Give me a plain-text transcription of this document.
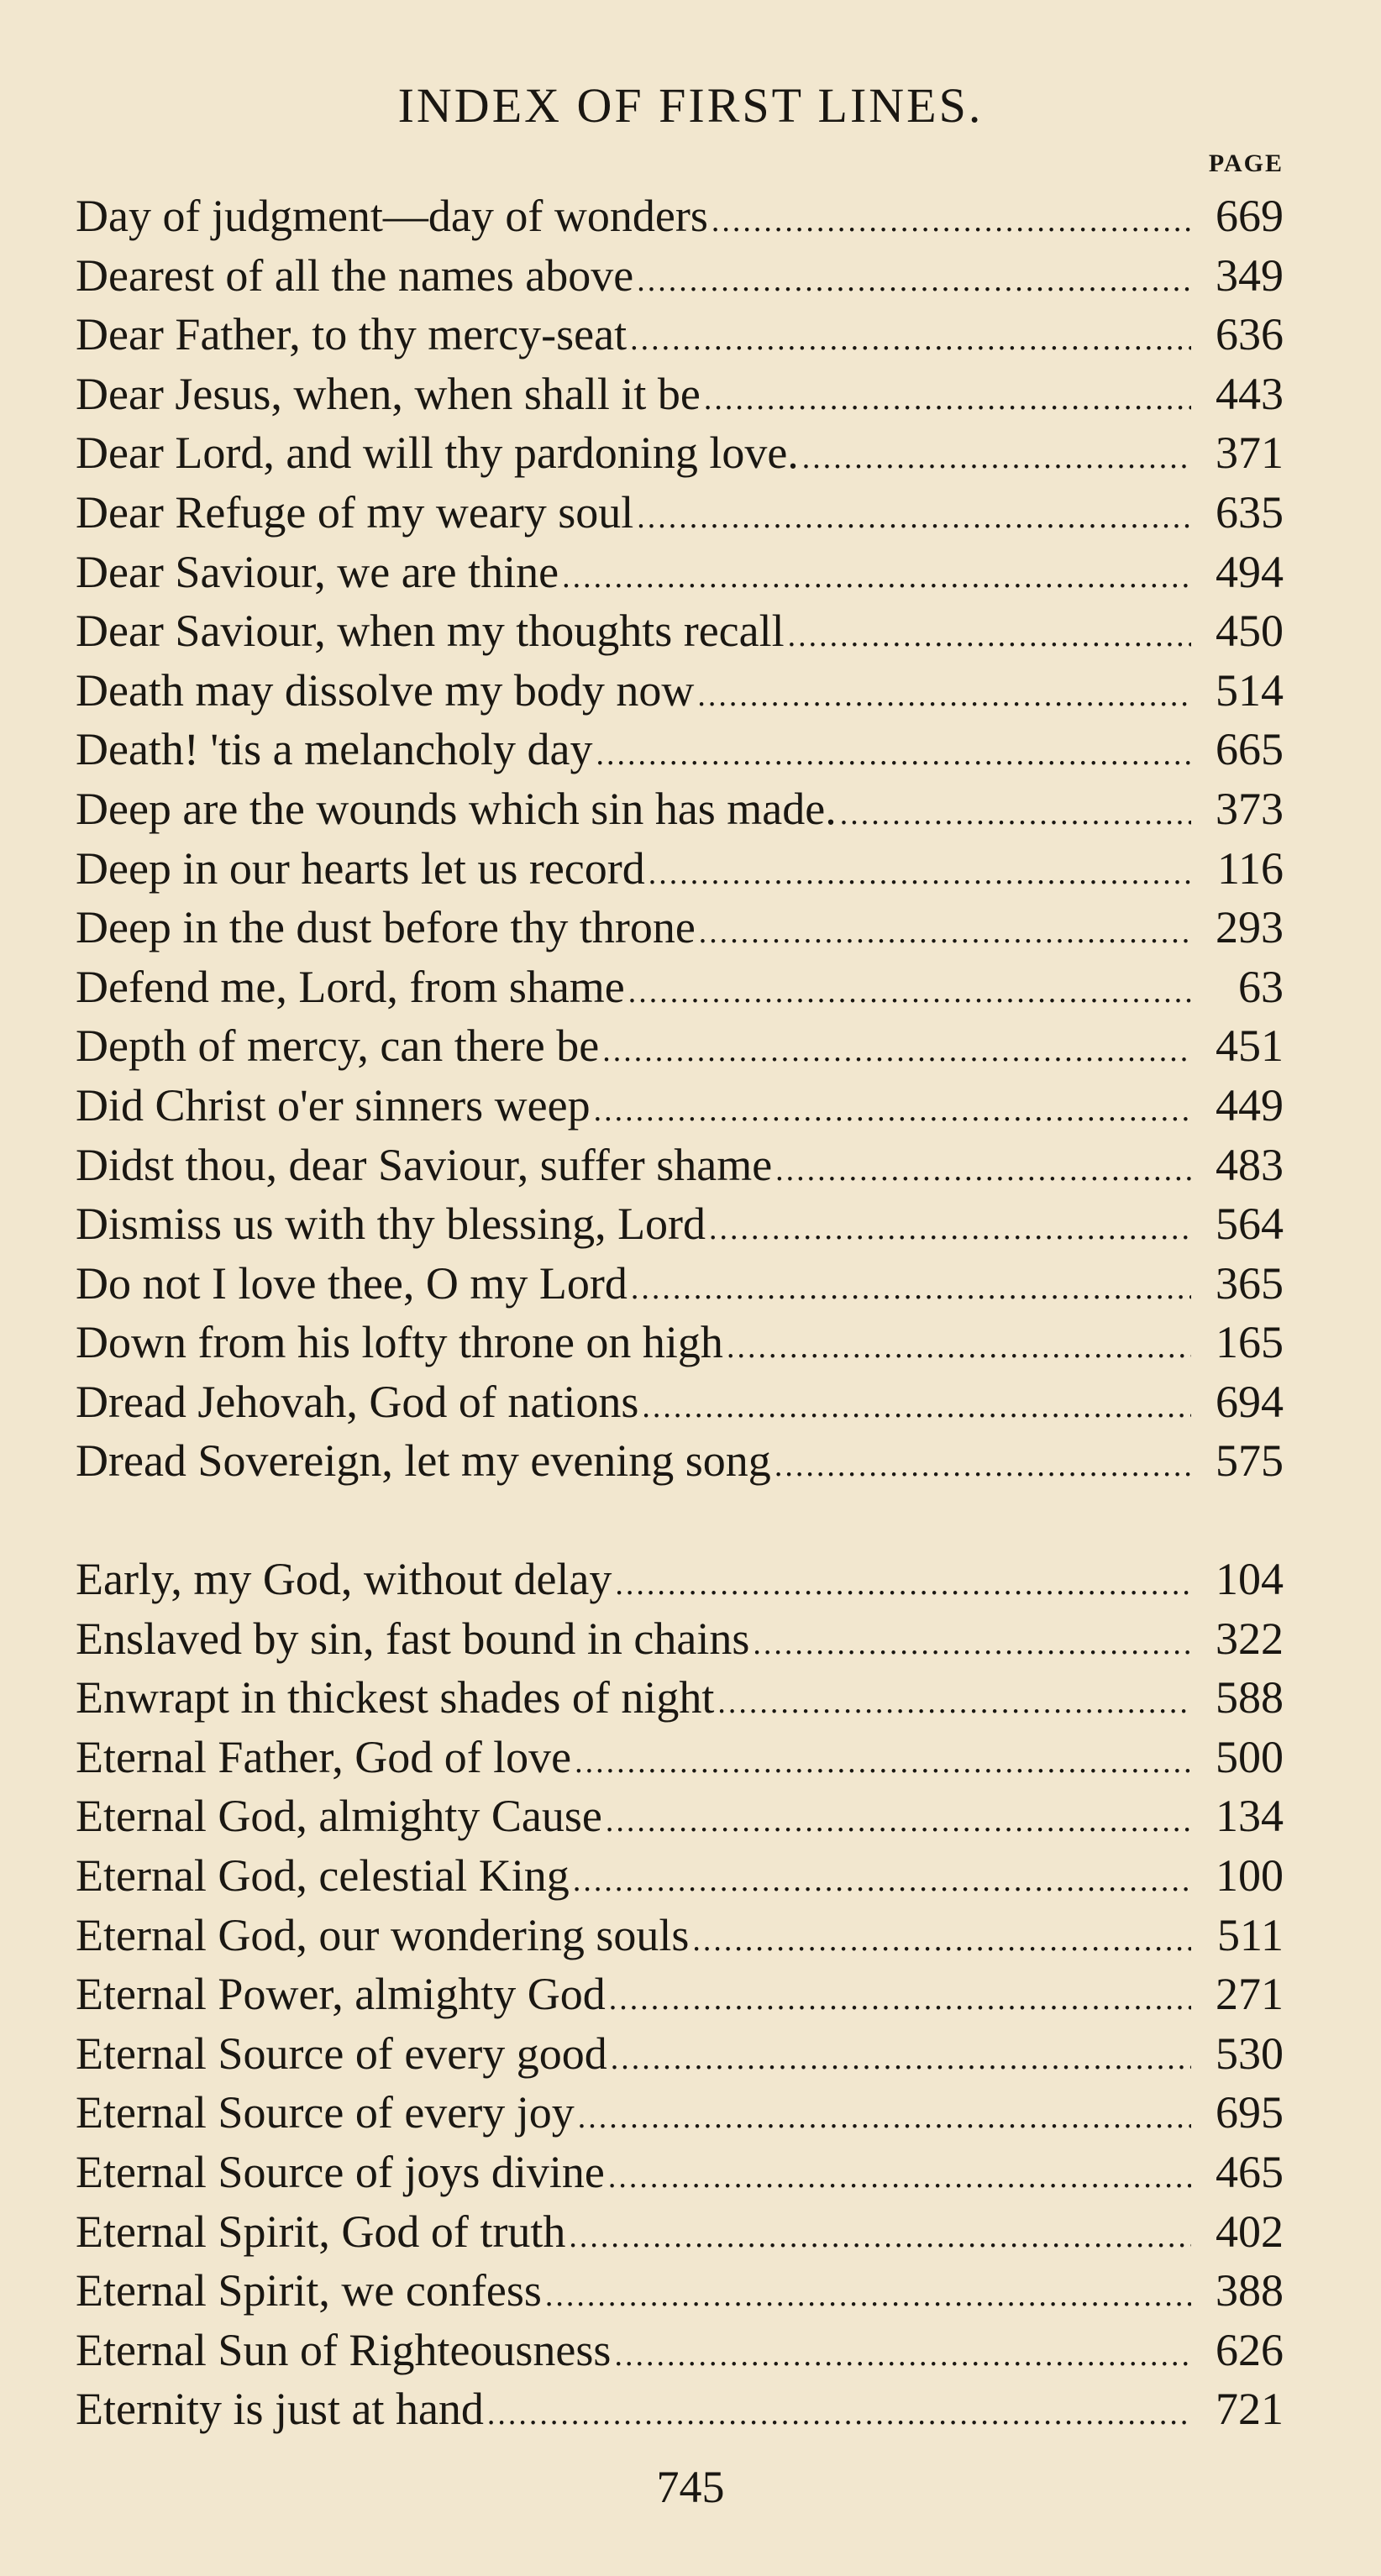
INDEX OF FIRST LINES.
PAGE
Day of judgment—day of wonders .....	669
Dearest of all the names above .....	349
Dear Father, to thy mercy-seat .....	636
Dear Jesus, when, when shall it be .....	443
Dear Lord, and will thy pardoning love. .....	371
Dear Refuge of my weary soul .....	635
Dear Saviour, we are thine .....	494
Dear Saviour, when my thoughts recall .....	450
Death may dissolve my body now .....	514
Death! 'tis a melancholy day .....	665
Deep are the wounds which sin has made. .....	373
Deep in our hearts let us record .....	116
Deep in the dust before thy throne .....	293
Defend me, Lord, from shame .....	63
Depth of mercy, can there be .....	451
Did Christ o'er sinners weep .....	449
Didst thou, dear Saviour, suffer shame .....	483
Dismiss us with thy blessing, Lord .....	564
Do not I love thee, O my Lord .....	365
Down from his lofty throne on high .....	165
Dread Jehovah, God of nations .....	694
Dread Sovereign, let my evening song .....	575
Early, my God, without delay .....	104
Enslaved by sin, fast bound in chains .....	322
Enwrapt in thickest shades of night .....	588
Eternal Father, God of love .....	500
Eternal God, almighty Cause .....	134
Eternal God, celestial King .....	100
Eternal God, our wondering souls .....	511
Eternal Power, almighty God .....	271
Eternal Source of every good .....	530
Eternal Source of every joy .....	695
Eternal Source of joys divine .....	465
Eternal Spirit, God of truth .....	402
Eternal Spirit, we confess .....	388
Eternal Sun of Righteousness .....	626
Eternity is just at hand .....	721
745
